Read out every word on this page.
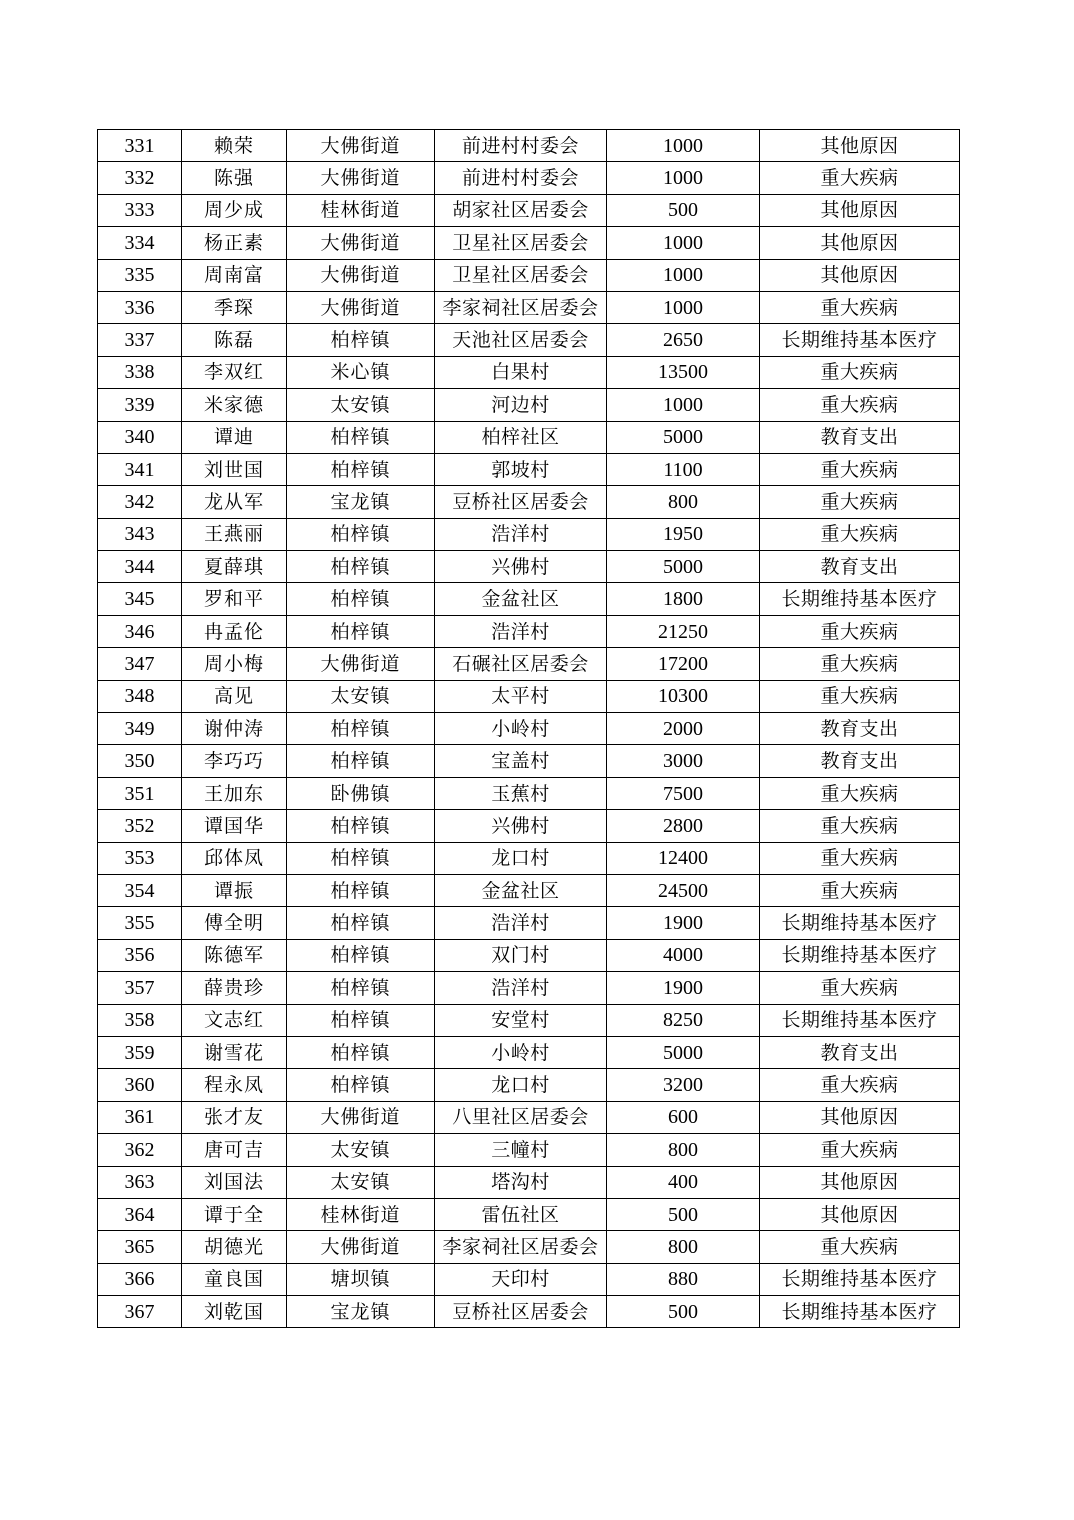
331	赖荣	大佛街道	前进村村委会	1000	其他原因
332	陈强	大佛街道	前进村村委会	1000	重大疾病
333	周少成	桂林街道	胡家社区居委会	500	其他原因
334	杨正素	大佛街道	卫星社区居委会	1000	其他原因
335	周南富	大佛街道	卫星社区居委会	1000	其他原因
336	季琛	大佛街道	李家祠社区居委会	1000	重大疾病
337	陈磊	柏梓镇	天池社区居委会	2650	长期维持基本医疗
338	李双红	米心镇	白果村	13500	重大疾病
339	米家德	太安镇	河边村	1000	重大疾病
340	谭迪	柏梓镇	柏梓社区	5000	教育支出
341	刘世国	柏梓镇	郭坡村	1100	重大疾病
342	龙从军	宝龙镇	豆桥社区居委会	800	重大疾病
343	王燕丽	柏梓镇	浩洋村	1950	重大疾病
344	夏薛琪	柏梓镇	兴佛村	5000	教育支出
345	罗和平	柏梓镇	金盆社区	1800	长期维持基本医疗
346	冉孟伦	柏梓镇	浩洋村	21250	重大疾病
347	周小梅	大佛街道	石碾社区居委会	17200	重大疾病
348	高见	太安镇	太平村	10300	重大疾病
349	谢仲涛	柏梓镇	小岭村	2000	教育支出
350	李巧巧	柏梓镇	宝盖村	3000	教育支出
351	王加东	卧佛镇	玉蕉村	7500	重大疾病
352	谭国华	柏梓镇	兴佛村	2800	重大疾病
353	邱体凤	柏梓镇	龙口村	12400	重大疾病
354	谭振	柏梓镇	金盆社区	24500	重大疾病
355	傅全明	柏梓镇	浩洋村	1900	长期维持基本医疗
356	陈德军	柏梓镇	双门村	4000	长期维持基本医疗
357	薛贵珍	柏梓镇	浩洋村	1900	重大疾病
358	文志红	柏梓镇	安堂村	8250	长期维持基本医疗
359	谢雪花	柏梓镇	小岭村	5000	教育支出
360	程永凤	柏梓镇	龙口村	3200	重大疾病
361	张才友	大佛街道	八里社区居委会	600	其他原因
362	唐可吉	太安镇	三幢村	800	重大疾病
363	刘国法	太安镇	塔沟村	400	其他原因
364	谭于全	桂林街道	雷伍社区	500	其他原因
365	胡德光	大佛街道	李家祠社区居委会	800	重大疾病
366	童良国	塘坝镇	天印村	880	长期维持基本医疗
367	刘乾国	宝龙镇	豆桥社区居委会	500	长期维持基本医疗
